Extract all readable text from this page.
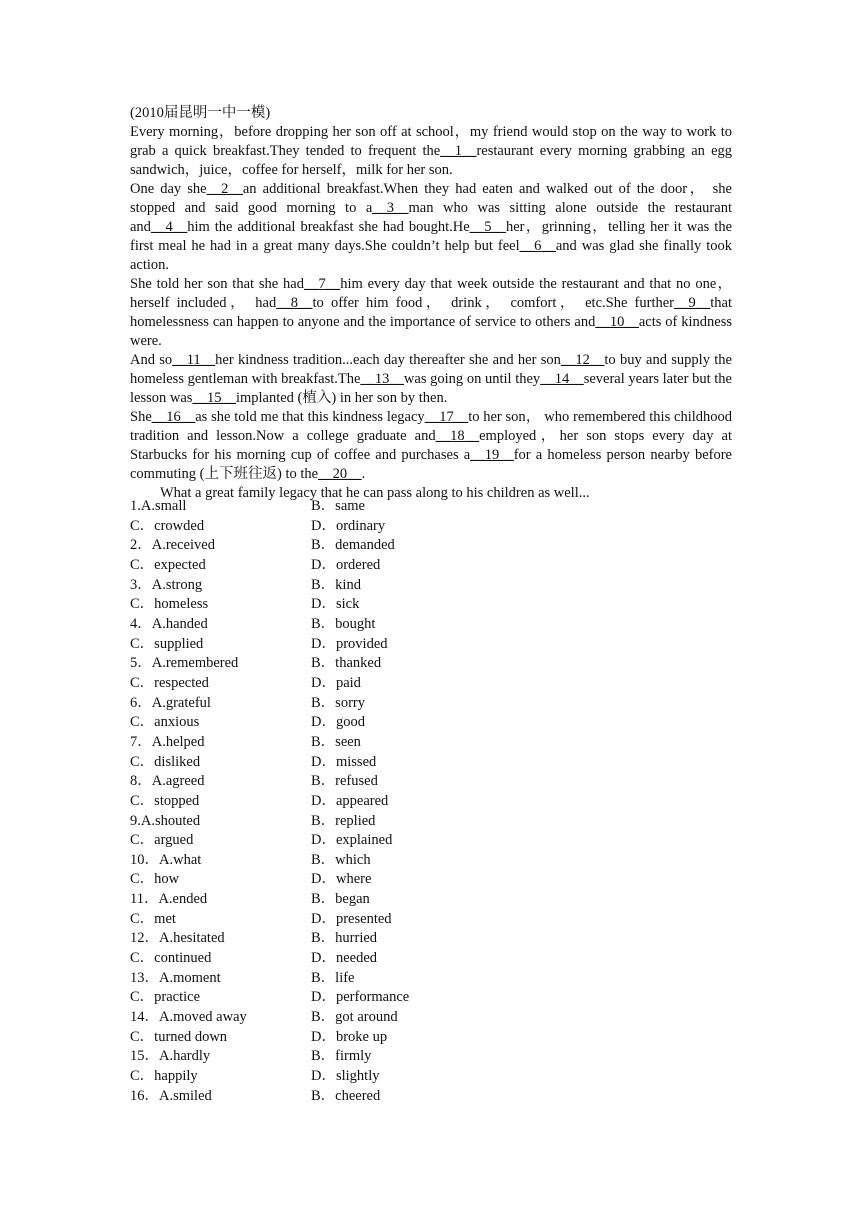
(2010届昆明一中一模)

Every morning，before dropping her son off at school，my friend would stop on the way to work to grab a quick breakfast.They tended to frequent the__1__restaurant every morning grabbing an egg sandwich，juice，coffee for herself，milk for her son.

One day she__2__an additional breakfast.When they had eaten and walked out of the door， she stopped and said good morning to a__3__man who was sitting alone outside the restaurant and__4__him the additional breakfast she had bought.He__5__her，grinning，telling her it was the first meal he had in a great many days.She couldn’t help but feel__6__and was glad she finally took action.

She told her son that she had__7__him every day that week outside the restaurant and that no one，herself included， had__8__to offer him food， drink， comfort， etc.She further__9__that homelessness can happen to anyone and the importance of service to others and__10__acts of kindness were.

And so__11__her kindness tradition...each day thereafter she and her son__12__to buy and supply the homeless gentleman with breakfast.The__13__was going on until they__14__several years later but the lesson was__15__implanted (植入) in her son by then.

She__16__as she told me that this kindness legacy__17__to her son， who remembered this childhood tradition and lesson.Now a college graduate and__18__employed，her son stops every day at Starbucks for his morning cup of coffee and purchases a__19__for a homeless person nearby before commuting (上下班往返) to the__20__.

What a great family legacy that he can pass along to his children as well...

1.A.small	B．same
C．crowded	D．ordinary
2．A.received	B．demanded
C．expected	D．ordered
3．A.strong	B．kind
C．homeless	D．sick
4．A.handed	B．bought
C．supplied	D．provided
5．A.remembered	B．thanked
C．respected	D．paid
6．A.grateful	B．sorry
C．anxious	D．good
7．A.helped	B．seen
C．disliked	D．missed
8．A.agreed	B．refused
C．stopped	D．appeared
9.A.shouted	B．replied
C．argued	D．explained
10．A.what	B．which
C．how	D．where
11．A.ended	B．began
C．met	D．presented
12．A.hesitated	B．hurried
C．continued	D．needed
13．A.moment	B．life
C．practice	D．performance
14．A.moved away	B．got around
C．turned down	D．broke up
15．A.hardly	B．firmly
C．happily	D．slightly
16．A.smiled	B．cheered
